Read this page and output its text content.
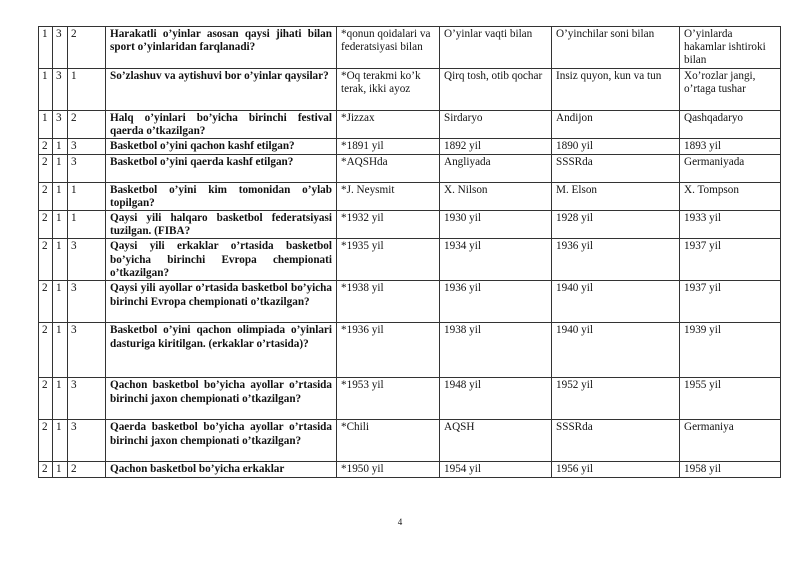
1	3	2	Harakatli o’yinlar asosan qaysi jihati bilan sport o’yinlaridan farqlanadi?	*qonun qoidalari va federatsiyasi bilan	O’yinlar vaqti bilan	O’yinchilar soni bilan	O’yinlarda hakamlar ishtiroki bilan
1	3	1	So’zlashuv va aytishuvi bor o’yinlar qaysilar?	*Oq terakmi ko’k terak, ikki ayoz	Qirq tosh, otib qochar	Insiz quyon, kun va tun	Xo’rozlar jangi, o’rtaga tushar
1	3	2	Halq o’yinlari bo’yicha birinchi festival qaerda o’tkazilgan?	*Jizzax	Sirdaryo	Andijon	Qashqadaryo
2	1	3	Basketbol o’yini qachon kashf etilgan?	*1891 yil	1892 yil	1890 yil	1893 yil
2	1	3	Basketbol o’yini qaerda kashf etilgan?	*AQSHda	Angliyada	SSSRda	Germaniyada
2	1	1	Basketbol o’yini kim tomonidan o’ylab topilgan?	*J. Neysmit	X. Nilson	M. Elson	X. Tompson
2	1	1	Qaysi yili halqaro basketbol federatsiyasi tuzilgan. (FIBA?	*1932 yil	1930 yil	1928 yil	1933 yil
2	1	3	Qaysi yili erkaklar o’rtasida basketbol bo’yicha birinchi Evropa chempionati o’tkazilgan?	*1935 yil	1934 yil	1936 yil	1937 yil
2	1	3	Qaysi yili ayollar o’rtasida basketbol bo’yicha birinchi Evropa chempionati o’tkazilgan?	*1938 yil	1936 yil	1940 yil	1937 yil
2	1	3	Basketbol o’yini qachon olimpiada o’yinlari dasturiga kiritilgan. (erkaklar o’rtasida)?	*1936 yil	1938 yil	1940 yil	1939 yil
2	1	3	Qachon basketbol bo’yicha ayollar o’rtasida birinchi jaxon chempionati o’tkazilgan?	*1953 yil	1948 yil	1952 yil	1955 yil
2	1	3	Qaerda basketbol bo’yicha ayollar o’rtasida birinchi jaxon chempionati o’tkazilgan?	*Chili	AQSH	SSSRda	Germaniya
2	1	2	Qachon basketbol bo’yicha erkaklar	*1950 yil	1954 yil	1956 yil	1958 yil
4
